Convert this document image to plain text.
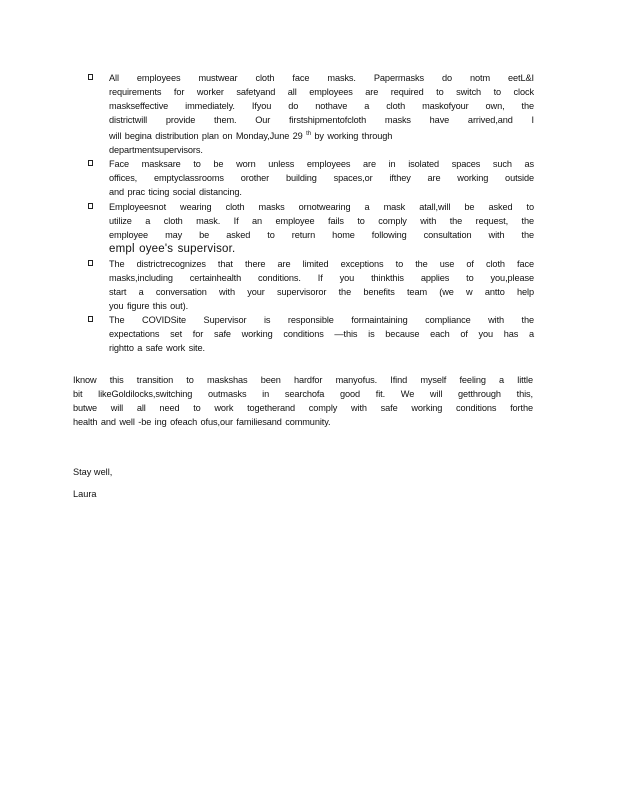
All employees mustwear cloth face masks. Papermasks do notm eetL&I
requirements for worker safetyand all employees are required to switch to clock
maskseffective immediately. Ifyou do nothave a cloth maskofyour own, the
districtwill provide them. Our firstshipmentofcloth masks have arrived,and I
will begina distribution plan on Monday,June 29 $^{th}$ by working through
departmentsupervisors.
Face masksare to be worn unless employees are in isolated spaces such as
offices, emptyclassrooms orother building spaces,or ifthey are working outside
and prac ticing social distancing.
Employeesnot wearing cloth masks ornotwearing a mask atall,will be asked to
utilize a cloth mask. If an employee fails to comply with the request, the
employee may be asked to return home following consultation with the
empl oyee's supervisor.
The districtrecognizes that there are limited exceptions to the use of cloth face
masks,including certainhealth conditions. If you thinkthis applies to you,please
start a conversation with your supervisoror the benefits team (we w antto help
you figure this out).
The COVIDSite Supervisor is responsible formaintaining compliance with the
expectations set for safe working conditions —this is because each of you has a
rightto a safe work site.
Iknow this transition to maskshas been hardfor manyofus. Ifind myself feeling a little
bit likeGoldilocks,switching outmasks in searchofa good fit. We will getthrough this,
butwe will all need to work togetherand comply with safe working conditions forthe
health and well -be ing ofeach ofus,our familiesand community.
Stay well,
Laura
